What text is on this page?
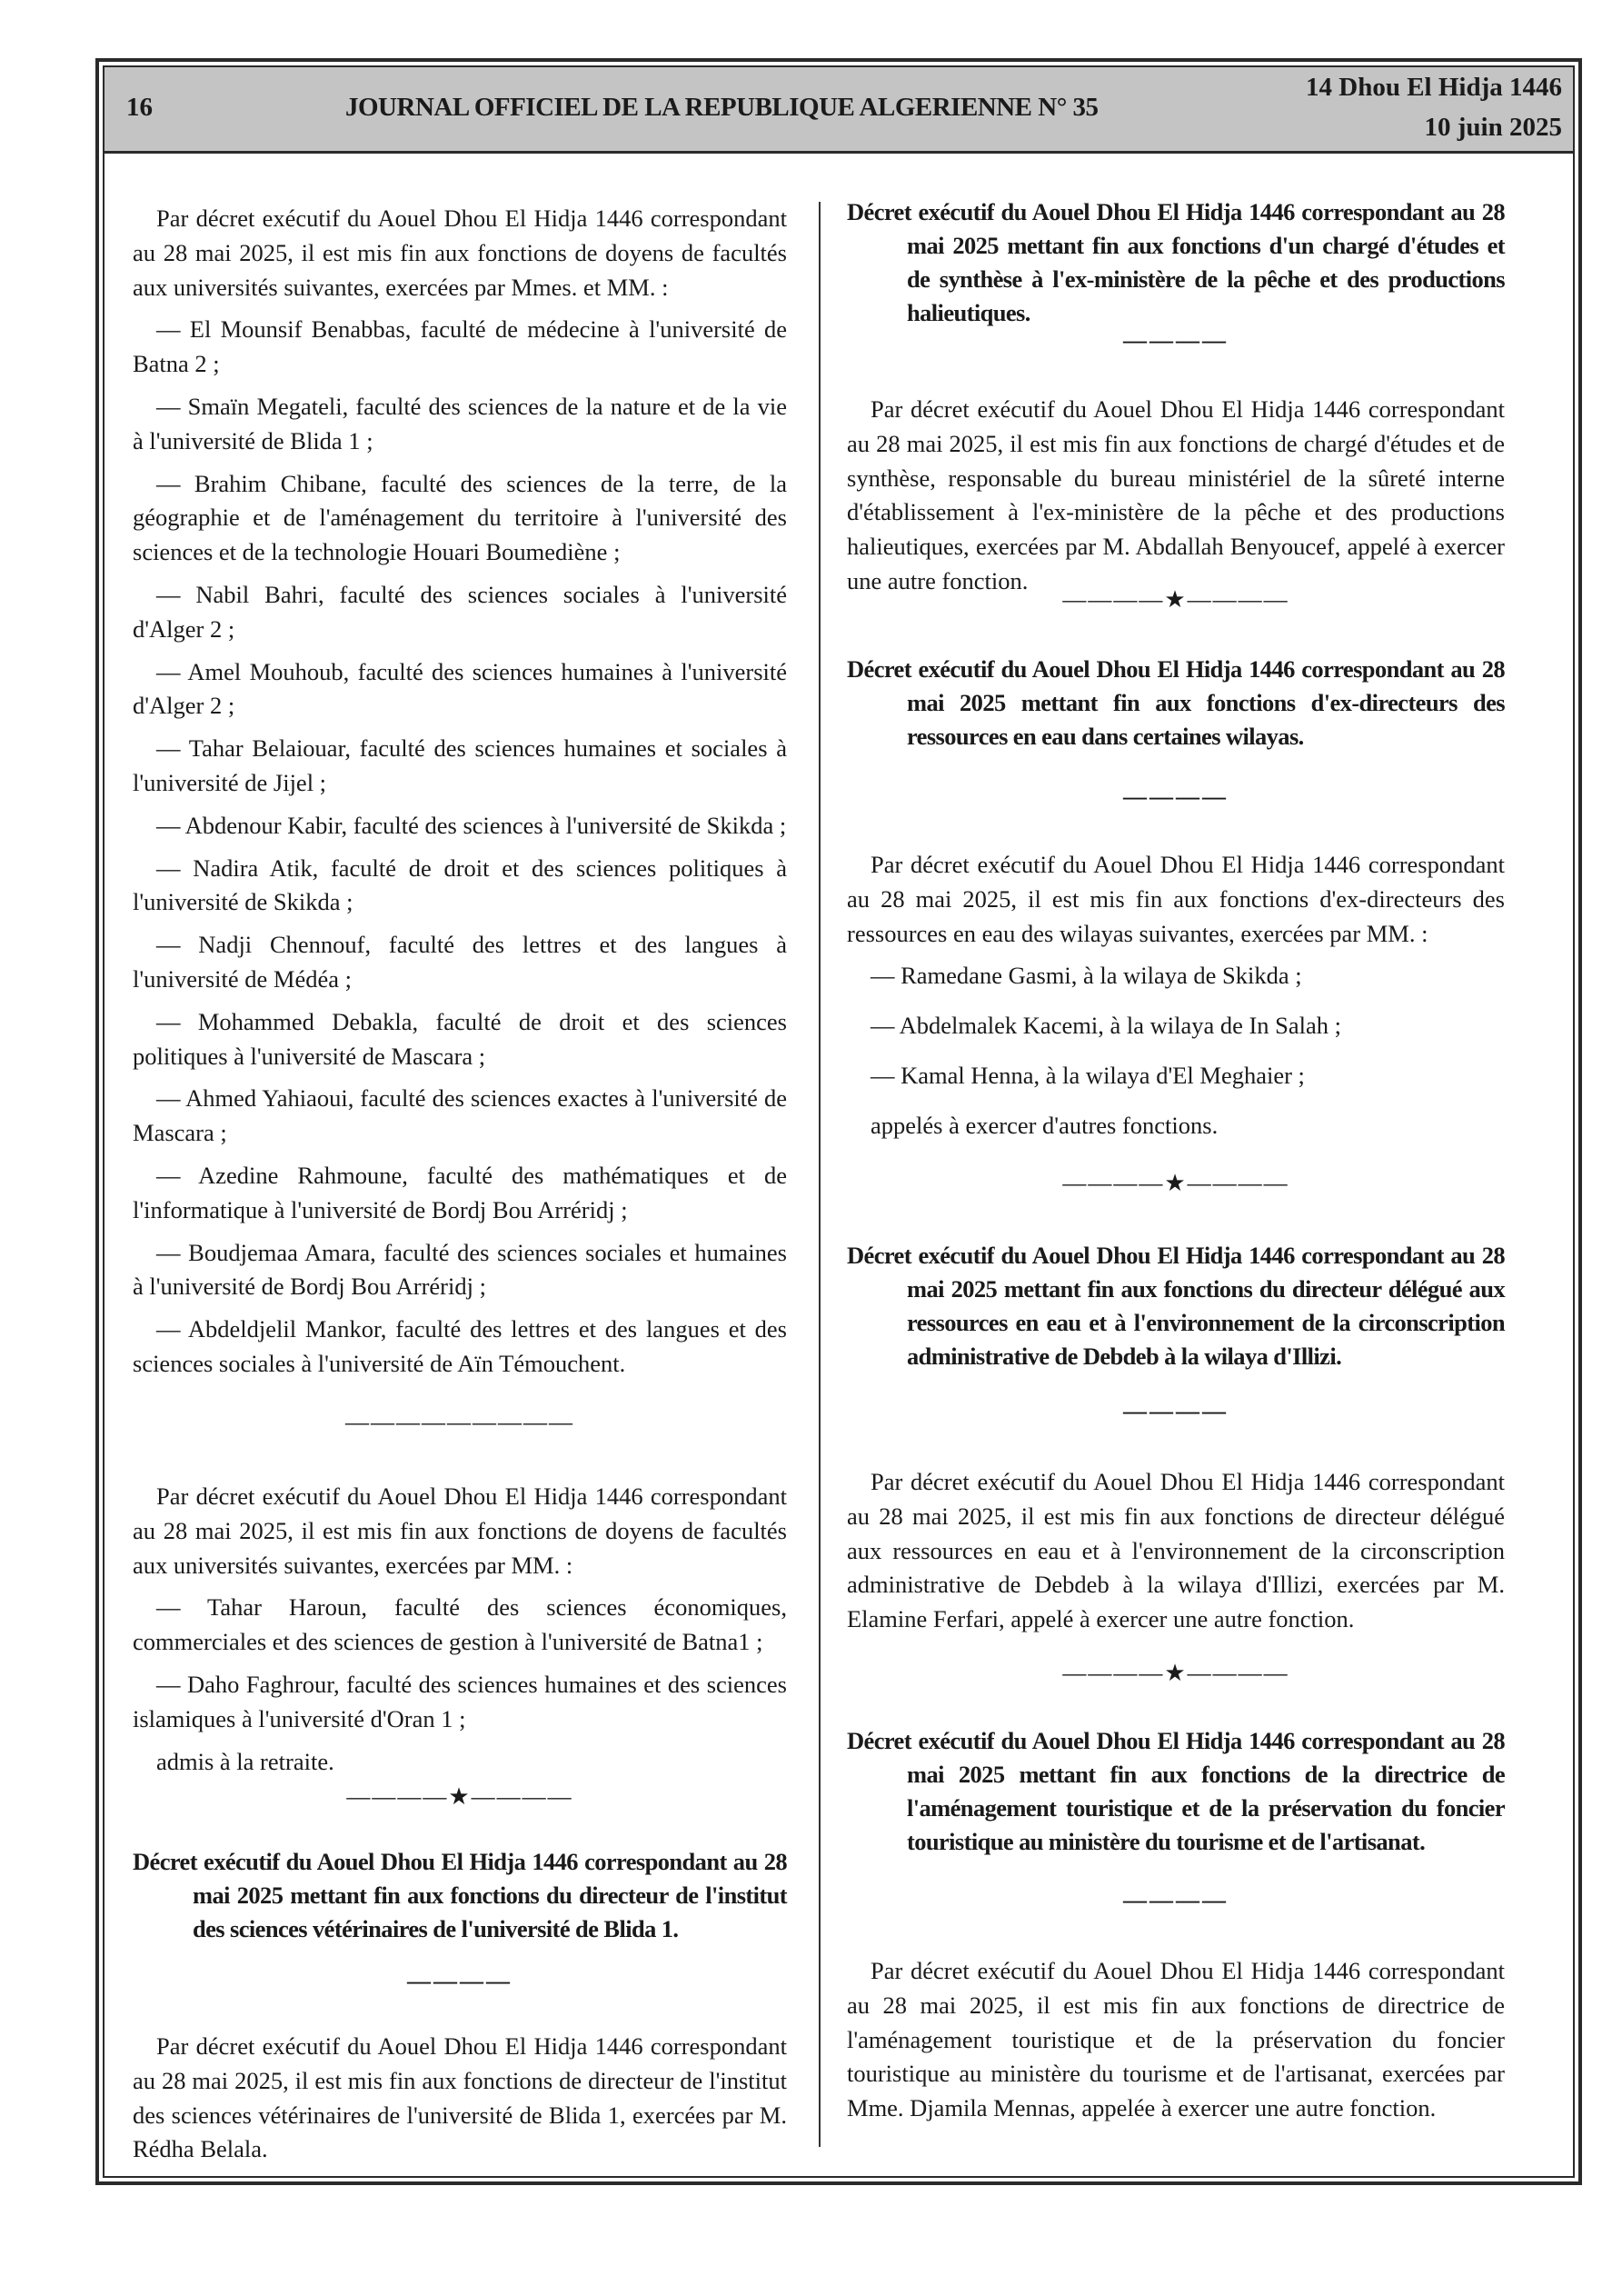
16	JOURNAL OFFICIEL DE LA REPUBLIQUE ALGERIENNE N° 35
14 Dhou El Hidja 1446
10 juin 2025

Par décret exécutif du Aouel Dhou El Hidja 1446 correspondant au 28 mai 2025, il est mis fin aux fonctions de doyens de facultés aux universités suivantes, exercées par Mmes. et MM. :

— El Mounsif Benabbas, faculté de médecine à l'université de Batna 2 ;

— Smaïn Megateli, faculté des sciences de la nature et de la vie à l'université de Blida 1 ;

— Brahim Chibane, faculté des sciences de la terre, de la géographie et de l'aménagement du territoire à l'université des sciences et de la technologie Houari Boumediène ;

— Nabil Bahri, faculté des sciences sociales à l'université d'Alger 2 ;

— Amel Mouhoub, faculté des sciences humaines à l'université d'Alger 2 ;

— Tahar Belaiouar, faculté des sciences humaines et sociales à l'université de Jijel ;

— Abdenour Kabir, faculté des sciences à l'université de Skikda ;

— Nadira Atik, faculté de droit et des sciences politiques à l'université de Skikda ;

— Nadji Chennouf, faculté des lettres et des langues à l'université de Médéa ;

— Mohammed Debakla, faculté de droit et des sciences politiques à l'université de Mascara ;

— Ahmed Yahiaoui, faculté des sciences exactes à l'université de Mascara ;

— Azedine Rahmoune, faculté des mathématiques et de l'informatique à l'université de Bordj Bou Arréridj ;

— Boudjemaa Amara, faculté des sciences sociales et humaines à l'université de Bordj Bou Arréridj ;

— Abdeldjelil Mankor, faculté des lettres et des langues et des sciences sociales à l'université de Aïn Témouchent.

—————————

Par décret exécutif du Aouel Dhou El Hidja 1446 correspondant au 28 mai 2025, il est mis fin aux fonctions de doyens de facultés aux universités suivantes, exercées par MM. :

— Tahar Haroun, faculté des sciences économiques, commerciales et des sciences de gestion à l'université de Batna1 ;

— Daho Faghrour, faculté des sciences humaines et des sciences islamiques à l'université d'Oran 1 ;

admis à la retraite.

————★————

Décret exécutif du Aouel Dhou El Hidja 1446 correspondant au 28 mai 2025 mettant fin aux fonctions du directeur de l'institut des sciences vétérinaires de l'université de Blida 1.

————

Par décret exécutif du Aouel Dhou El Hidja 1446 correspondant au 28 mai 2025, il est mis fin aux fonctions de directeur de l'institut des sciences vétérinaires de l'université de Blida 1, exercées par M. Rédha Belala.

Décret exécutif du Aouel Dhou El Hidja 1446 correspondant au 28 mai 2025 mettant fin aux fonctions d'un chargé d'études et de synthèse à l'ex-ministère de la pêche et des productions halieutiques.

————

Par décret exécutif du Aouel Dhou El Hidja 1446 correspondant au 28 mai 2025, il est mis fin aux fonctions de chargé d'études et de synthèse, responsable du bureau ministériel de la sûreté interne d'établissement à l'ex-ministère de la pêche et des productions halieutiques, exercées par M. Abdallah Benyoucef, appelé à exercer une autre fonction.

————★————

Décret exécutif du Aouel Dhou El Hidja 1446 correspondant au 28 mai 2025 mettant fin aux fonctions d'ex-directeurs des ressources en eau dans certaines wilayas.

————

Par décret exécutif du Aouel Dhou El Hidja 1446 correspondant au 28 mai 2025, il est mis fin aux fonctions d'ex-directeurs des ressources en eau des wilayas suivantes, exercées par MM. :

— Ramedane Gasmi, à la wilaya de Skikda ;

— Abdelmalek Kacemi, à la wilaya de In Salah ;

— Kamal Henna, à la wilaya d'El Meghaier ;

appelés à exercer d'autres fonctions.

————★————

Décret exécutif du Aouel Dhou El Hidja 1446 correspondant au 28 mai 2025 mettant fin aux fonctions du directeur délégué aux ressources en eau et à l'environnement de la circonscription administrative de Debdeb à la wilaya d'Illizi.

————

Par décret exécutif du Aouel Dhou El Hidja 1446 correspondant au 28 mai 2025, il est mis fin aux fonctions de directeur délégué aux ressources en eau et à l'environnement de la circonscription administrative de Debdeb à la wilaya d'Illizi, exercées par M. Elamine Ferfari, appelé à exercer une autre fonction.

————★————

Décret exécutif du Aouel Dhou El Hidja 1446 correspondant au 28 mai 2025 mettant fin aux fonctions de la directrice de l'aménagement touristique et de la préservation du foncier touristique au ministère du tourisme et de l'artisanat.

————

Par décret exécutif du Aouel Dhou El Hidja 1446 correspondant au 28 mai 2025, il est mis fin aux fonctions de directrice de l'aménagement touristique et de la préservation du foncier touristique au ministère du tourisme et de l'artisanat, exercées par Mme. Djamila Mennas, appelée à exercer une autre fonction.
